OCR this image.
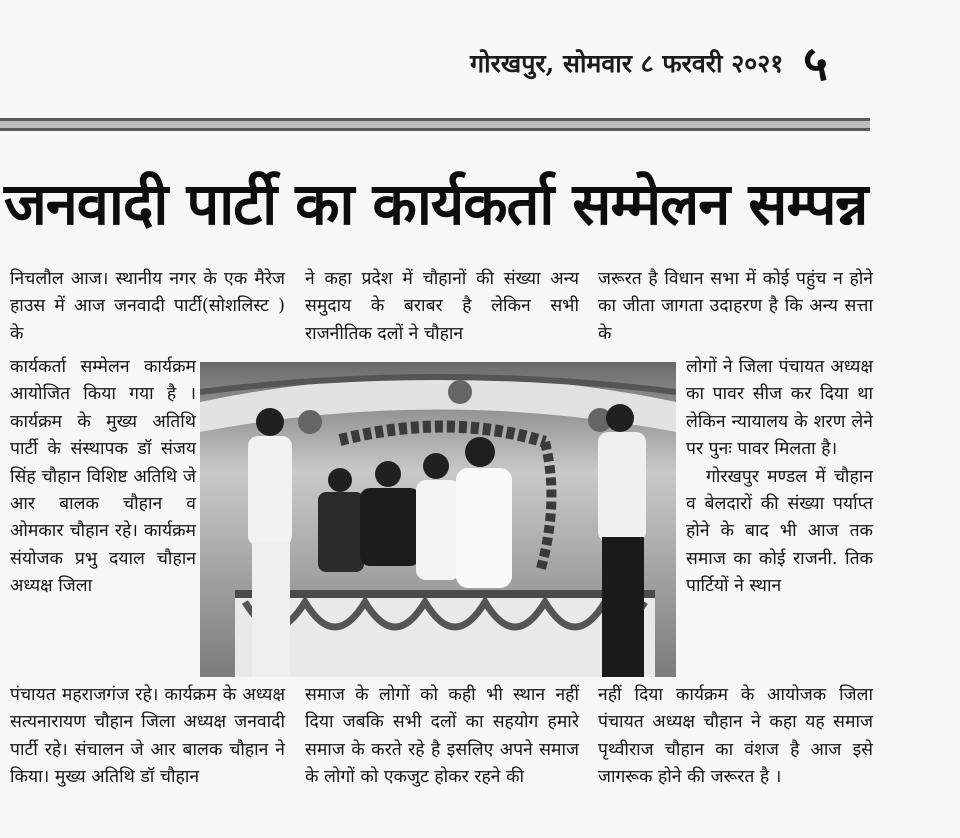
गोरखपुर, सोमवार ८ फरवरी २०२१ ५
जनवादी पार्टी का कार्यकर्ता सम्मेलन सम्पन्न

निचलौल आज। स्थानीय नगर के एक मैरेज हाउस में आज जनवादी पार्टी(सोशलिस्ट ) के

कार्यकर्ता सम्मेलन कार्यक्रम आयोजित किया गया है । कार्यक्रम के मुख्य अतिथि पार्टी के संस्थापक डॉ संजय सिंह चौहान विशिष्ट अतिथि जे आर बालक चौहान व ओमकार चौहान रहे। कार्यक्रम संयोजक प्रभु दयाल चौहान अध्यक्ष जिला

पंचायत महराजगंज रहे। कार्यक्रम के अध्यक्ष सत्यनारायण चौहान जिला अध्यक्ष जनवादी पार्टी रहे। संचालन जे आर बालक चौहान ने किया। मुख्य अतिथि डॉ चौहान

ने कहा प्रदेश में चौहानों की संख्या अन्य समुदाय के बराबर है लेकिन सभी राजनीतिक दलों ने चौहान

समाज के लोगों को कही भी स्थान नहीं दिया जबकि सभी दलों का सहयोग हमारे समाज के करते रहे है इसलिए अपने समाज के लोगों को एकजुट होकर रहने की

जरूरत है विधान सभा में कोई पहुंच न होने का जीता जागता उदाहरण है कि अन्य सत्ता के

लोगों ने जिला पंचायत अध्यक्ष का पावर सीज कर दिया था लेकिन न्यायालय के शरण लेने पर पुनः पावर मिलता है।

गोरखपुर मण्डल में चौहान व बेलदारों की संख्या पर्याप्त होने के बाद भी आज तक समाज का कोई राजनी. तिक पार्टियों ने स्थान

नहीं दिया कार्यक्रम के आयोजक जिला पंचायत अध्यक्ष चौहान ने कहा यह समाज पृथ्वीराज चौहान का वंशज है आज इसे जागरूक होने की जरूरत है ।
